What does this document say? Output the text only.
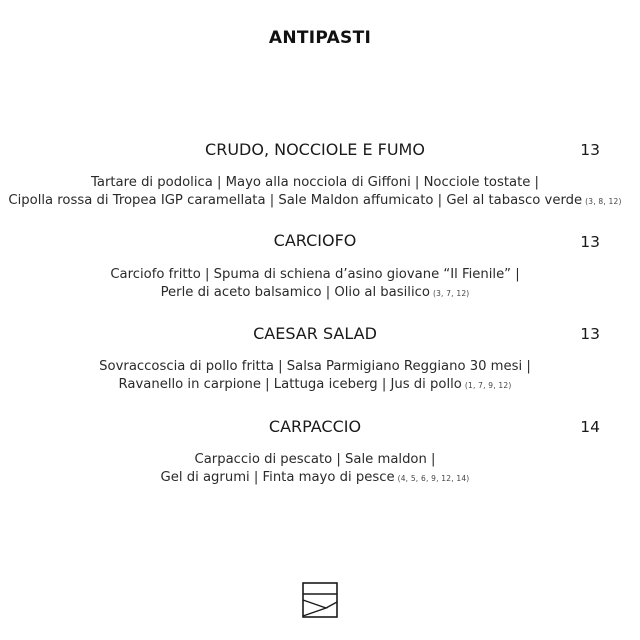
ANTIPASTI
CRUDO, NOCCIOLE E FUMO	13
Tartare di podolica | Mayo alla nocciola di Giffoni | Nocciole tostate |
Cipolla rossa di Tropea IGP caramellata | Sale Maldon affumicato | Gel al tabasco verde (3, 8, 12)
CARCIOFO	13
Carciofo fritto | Spuma di schiena d’asino giovane “Il Fienile” |
Perle di aceto balsamico | Olio al basilico (3, 7, 12)
CAESAR SALAD	13
Sovraccoscia di pollo fritta | Salsa Parmigiano Reggiano 30 mesi |
Ravanello in carpione | Lattuga iceberg | Jus di pollo (1, 7, 9, 12)
CARPACCIO	14
Carpaccio di pescato | Sale maldon |
Gel di agrumi | Finta mayo di pesce (4, 5, 6, 9, 12, 14)
